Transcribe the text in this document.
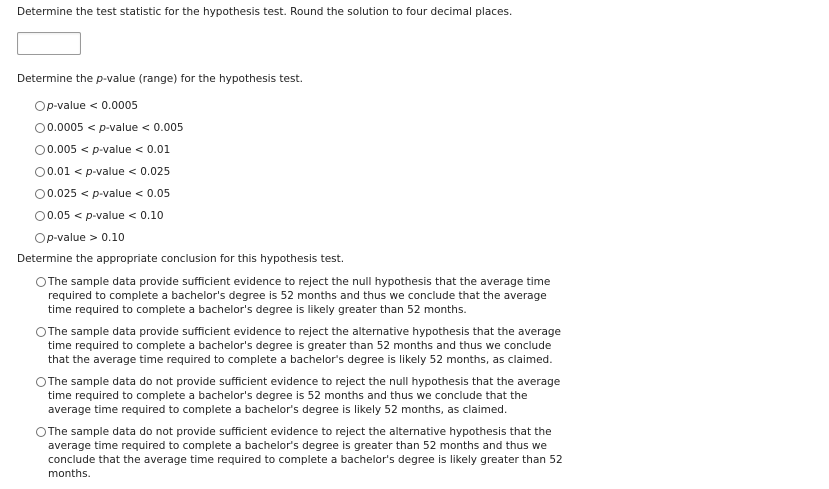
Determine the test statistic for the hypothesis test. Round the solution to four decimal places.
Determine the p-value (range) for the hypothesis test.
p-value < 0.0005
0.0005 < p-value < 0.005
0.005 < p-value < 0.01
0.01 < p-value < 0.025
0.025 < p-value < 0.05
0.05 < p-value < 0.10
p-value > 0.10
Determine the appropriate conclusion for this hypothesis test.
The sample data provide sufficient evidence to reject the null hypothesis that the average time required to complete a bachelor's degree is 52 months and thus we conclude that the average time required to complete a bachelor's degree is likely greater than 52 months.
The sample data provide sufficient evidence to reject the alternative hypothesis that the average time required to complete a bachelor's degree is greater than 52 months and thus we conclude that the average time required to complete a bachelor's degree is likely 52 months, as claimed.
The sample data do not provide sufficient evidence to reject the null hypothesis that the average time required to complete a bachelor's degree is 52 months and thus we conclude that the average time required to complete a bachelor's degree is likely 52 months, as claimed.
The sample data do not provide sufficient evidence to reject the alternative hypothesis that the average time required to complete a bachelor's degree is greater than 52 months and thus we conclude that the average time required to complete a bachelor's degree is likely greater than 52 months.
